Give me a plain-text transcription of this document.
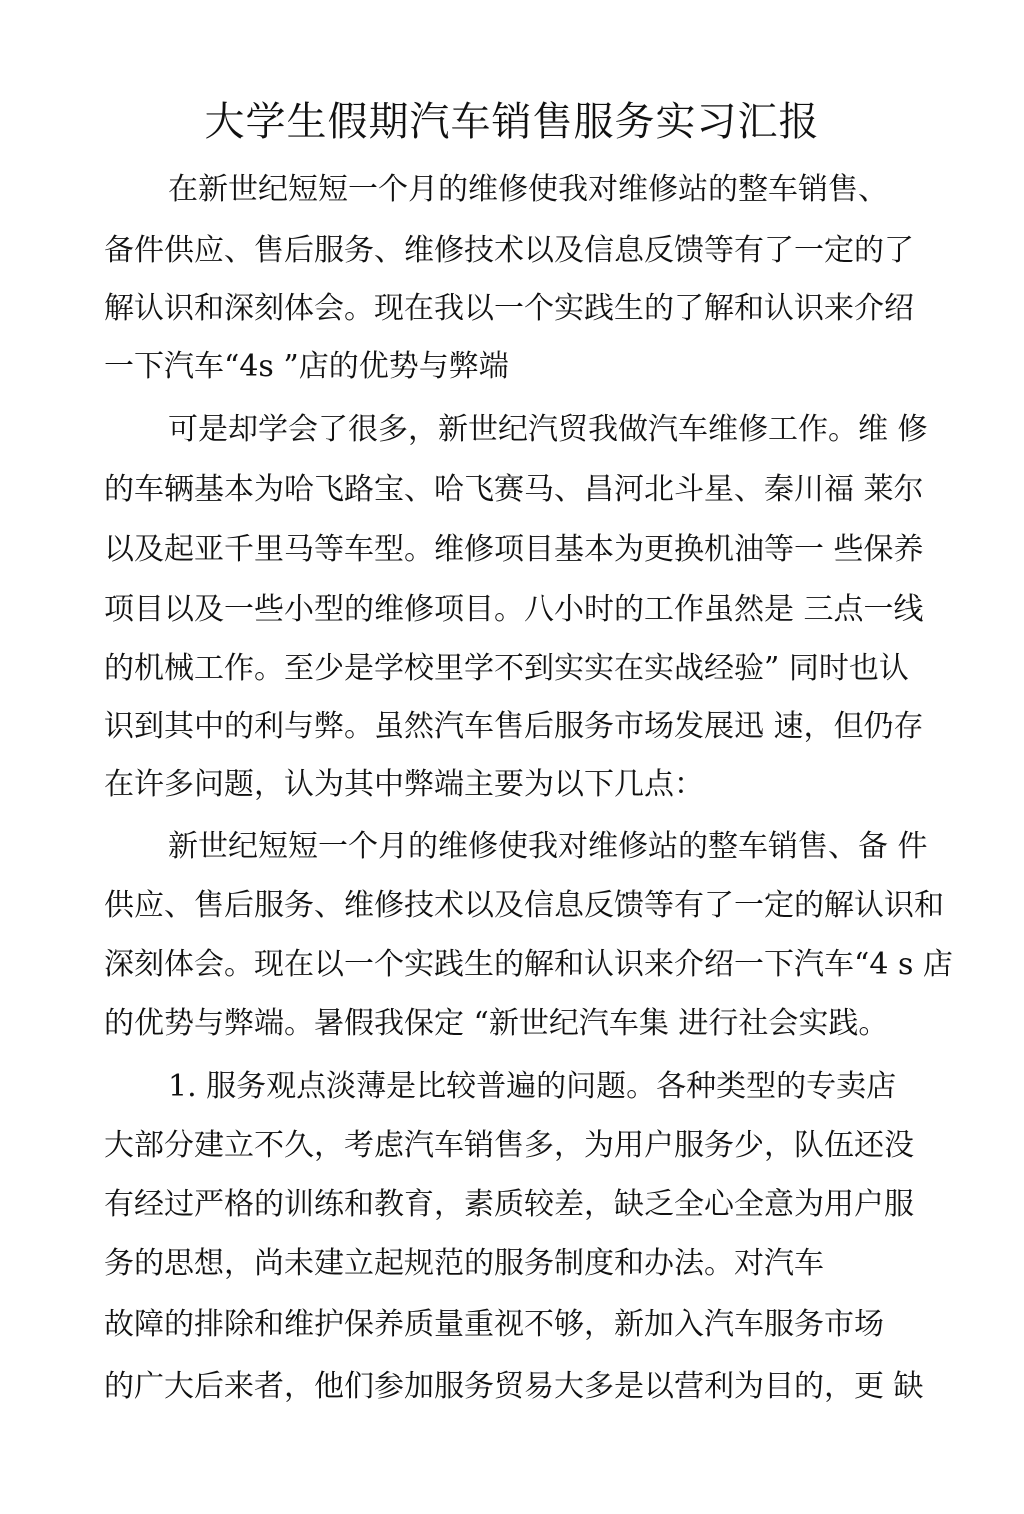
大学生假期汽车销售服务实习汇报

在新世纪短短一个月的维修使我对维修站的整车销售、

备件供应、售后服务、维修技术以及信息反馈等有了一定的了

解认识和深刻体会。现在我以一个实践生的了解和认识来介绍

一下汽车“4s ”店的优势与弊端

可是却学会了很多，新世纪汽贸我做汽车维修工作。维 修

的车辆基本为哈飞路宝、哈飞赛马、昌河北斗星、秦川福 莱尔

以及起亚千里马等车型。维修项目基本为更换机油等一 些保养

项目以及一些小型的维修项目。八小时的工作虽然是 三点一线

的机械工作。至少是学校里学不到实实在实战经验” 同时也认

识到其中的利与弊。虽然汽车售后服务市场发展迅 速，但仍存

在许多问题，认为其中弊端主要为以下几点：

新世纪短短一个月的维修使我对维修站的整车销售、备 件

供应、售后服务、维修技术以及信息反馈等有了一定的解认识和

深刻体会。现在以一个实践生的解和认识来介绍一下汽车“4 s 店

的优势与弊端。暑假我保定 “新世纪汽车集 进行社会实践。

1. 服务观点淡薄是比较普遍的问题。各种类型的专卖店

大部分建立不久，考虑汽车销售多，为用户服务少，队伍还没

有经过严格的训练和教育，素质较差，缺乏全心全意为用户服

务的思想，尚未建立起规范的服务制度和办法。对汽车

故障的排除和维护保养质量重视不够，新加入汽车服务市场

的广大后来者，他们参加服务贸易大多是以营利为目的，更 缺
